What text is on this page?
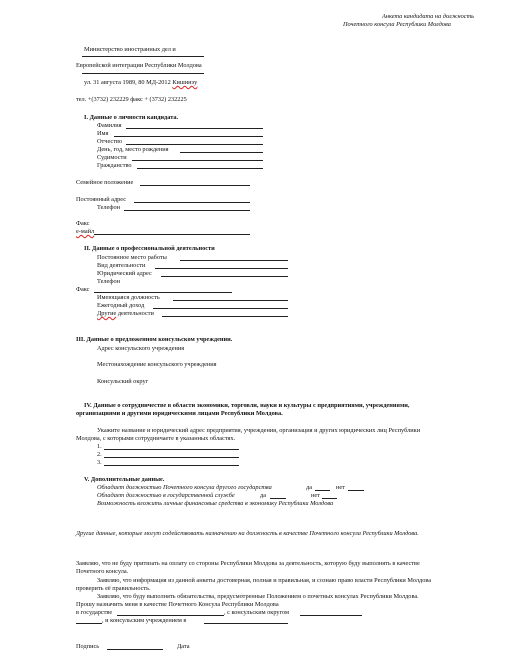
Анкета кандидата на должность
Почетного консула Республики Молдова
Министерство иностранных дел и
Европейской интеграции Республики Молдова
ул. 31 августа 1989, 80 МД-2012 Кишинэу
тел. +(3732) 232229 факс + (3732) 232225
I. Данные о личности кандидата.
Фамилия
Имя
Отчество
День, год, место рождения
Судимости
Гражданство
Семейное положение
Постоянный адрес
Телефон
Факс
е-майл
II. Данные о профессиональной деятельности
Постоянное место работы
Вид деятельности
Юридический адрес
Телефон
Факс
Имеющаяся должность
Ежегодный доход
Другие деятельности
III. Данные о предложенном консульском учреждении.
Адрес консульского учреждения
Местонахождение консульского учреждения
Консульский округ
IV. Данные о сотрудничестве в области экономики, торговли, науки и культуры с предприятиями, учреждениями,
организациями и другими юридическими лицами Республики Молдова.
Укажите название и юридический адрес предприятия, учреждения, организация и других юридических лиц Республики
Молдова, с которыми сотрудничаете в указанных областях.
1.
2.
3.
V. Дополнительные данные.
Обладает должностью Почетного консула другого государства	да	нет
Обладает должностью в государственной службе	да	нет
Возможность вложить личные финансовые средства в экономику Республики Молдова
Другие данные, которые могут содействовать назначению на должность в качестве Почетного консула Республики Молдова.
Заявляю, что не буду притязать на оплату со стороны Республики Молдова за деятельность, которую буду выполнять в качестве
Почетного консула.
Заявляю, что информация из данной анкеты достоверная, полная и правильная, и сознаю право власти Республики Молдова
проверить её правильность.
Заявляю, что буду выполнять обязательства, предусмотренные Положением о почетных консулах Республики Молдова.
Прошу назначить меня в качестве Почетного Консула Республики Молдова
в государстве	, с консульским округом
, и консульским учреждением в
Подпись	Дата
